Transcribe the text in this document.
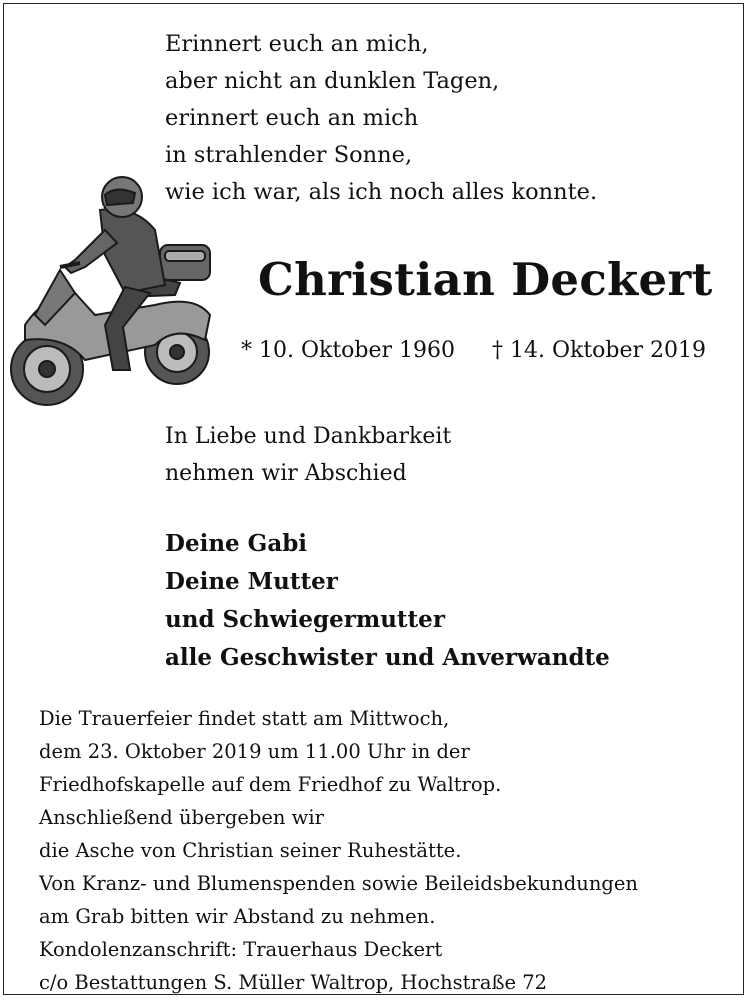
Erinnert euch an mich,
aber nicht an dunklen Tagen,
erinnert euch an mich
in strahlender Sonne,
wie ich war, als ich noch alles konnte.
Christian Deckert
* 10. Oktober 1960 † 14. Oktober 2019
In Liebe und Dankbarkeit
nehmen wir Abschied
Deine Gabi
Deine Mutter
und Schwiegermutter
alle Geschwister und Anverwandte
Die Trauerfeier findet statt am Mittwoch,
dem 23. Oktober 2019 um 11.00 Uhr in der
Friedhofskapelle auf dem Friedhof zu Waltrop.
Anschließend übergeben wir
die Asche von Christian seiner Ruhestätte.
Von Kranz- und Blumenspenden sowie Beileidsbekundungen
am Grab bitten wir Abstand zu nehmen.
Kondolenzanschrift: Trauerhaus Deckert
c/o Bestattungen S. Müller Waltrop, Hochstraße 72
